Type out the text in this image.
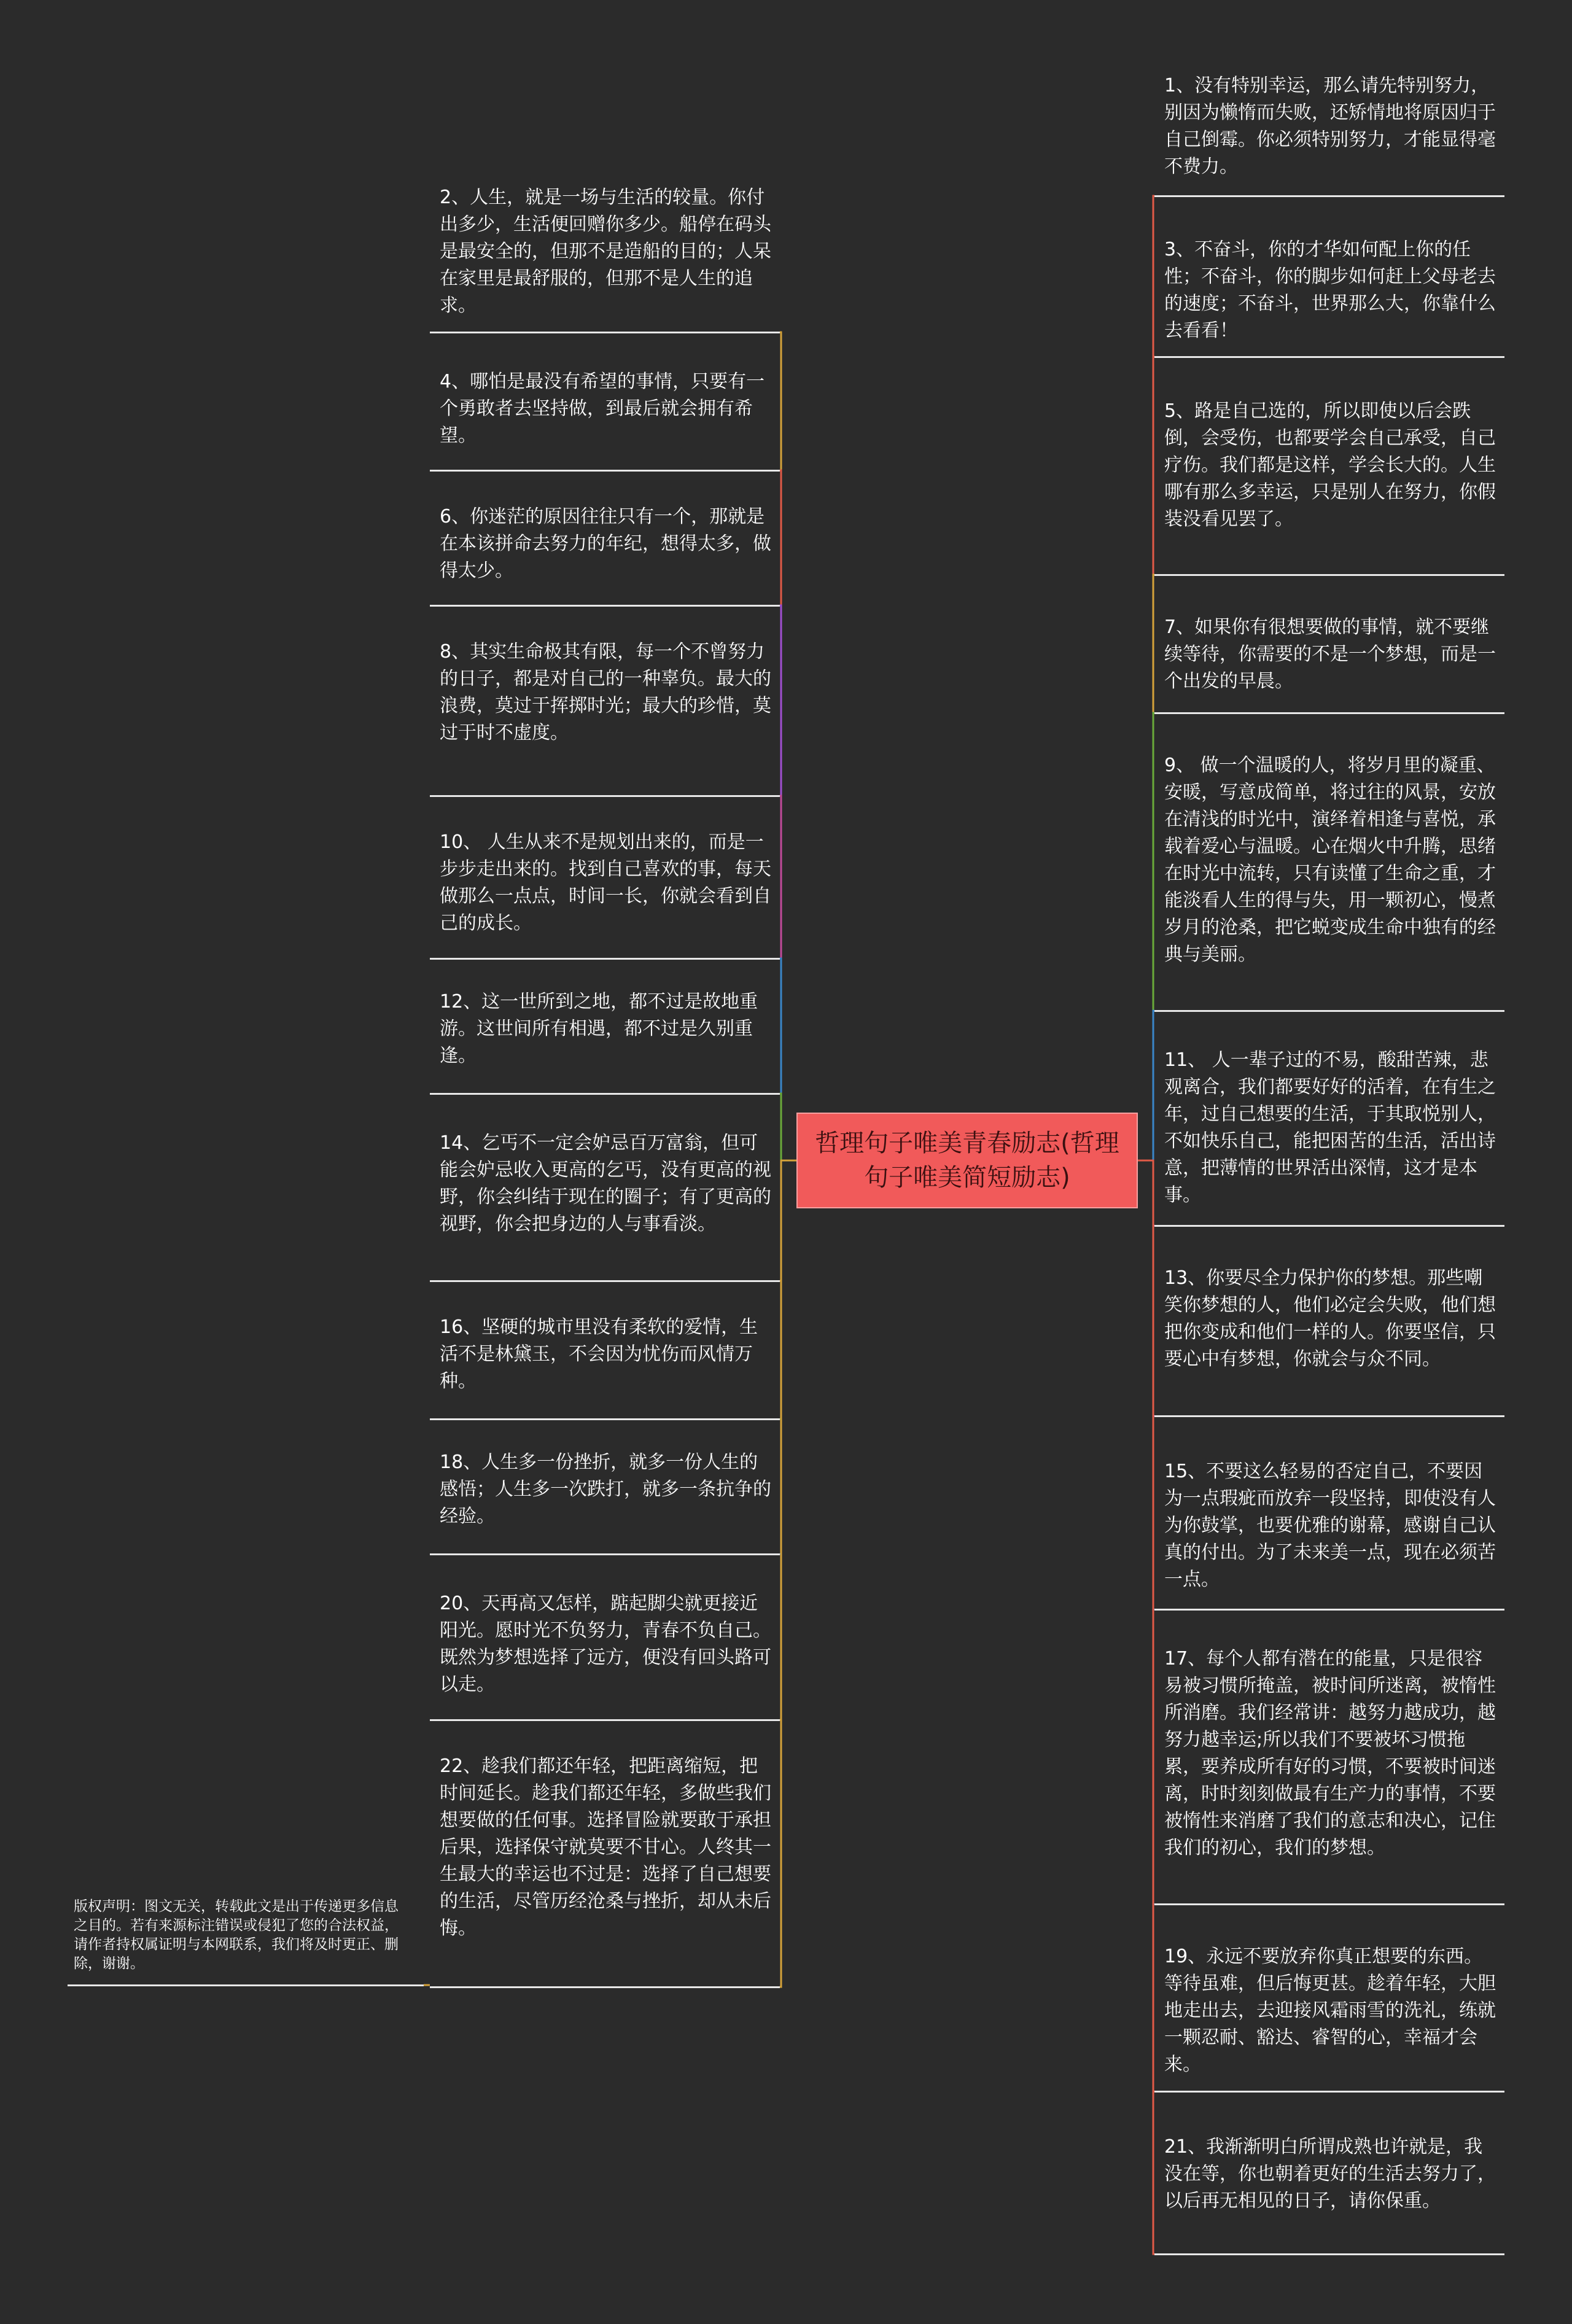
哲理句子唯美青春励志(哲理句子唯美简短励志)
2、人生，就是一场与生活的较量。你付出多少，生活便回赠你多少。船停在码头是最安全的，但那不是造船的目的；人呆在家里是最舒服的，但那不是人生的追求。
4、哪怕是最没有希望的事情，只要有一个勇敢者去坚持做，到最后就会拥有希望。
6、你迷茫的原因往往只有一个，那就是在本该拼命去努力的年纪，想得太多，做得太少。
8、其实生命极其有限，每一个不曾努力的日子，都是对自己的一种辜负。最大的浪费，莫过于挥掷时光；最大的珍惜，莫过于时不虚度。
10、 人生从来不是规划出来的，而是一步步走出来的。找到自己喜欢的事，每天做那么一点点，时间一长，你就会看到自己的成长。
12、这一世所到之地，都不过是故地重游。这世间所有相遇，都不过是久别重逢。
14、乞丐不一定会妒忌百万富翁，但可能会妒忌收入更高的乞丐，没有更高的视野，你会纠结于现在的圈子；有了更高的视野，你会把身边的人与事看淡。
16、坚硬的城市里没有柔软的爱情，生活不是林黛玉，不会因为忧伤而风情万种。
18、人生多一份挫折，就多一份人生的感悟；人生多一次跌打，就多一条抗争的经验。
20、天再高又怎样，踮起脚尖就更接近阳光。愿时光不负努力，青春不负自己。既然为梦想选择了远方，便没有回头路可以走。
22、趁我们都还年轻，把距离缩短，把时间延长。趁我们都还年轻，多做些我们想要做的任何事。选择冒险就要敢于承担后果，选择保守就莫要不甘心。人终其一生最大的幸运也不过是：选择了自己想要的生活，尽管历经沧桑与挫折，却从未后悔。
1、没有特别幸运，那么请先特别努力，别因为懒惰而失败，还矫情地将原因归于自己倒霉。你必须特别努力，才能显得毫不费力。
3、不奋斗，你的才华如何配上你的任性；不奋斗，你的脚步如何赶上父母老去的速度；不奋斗，世界那么大，你靠什么去看看！
5、路是自己选的，所以即使以后会跌倒，会受伤，也都要学会自己承受，自己疗伤。我们都是这样，学会长大的。人生哪有那么多幸运，只是别人在努力，你假装没看见罢了。
7、如果你有很想要做的事情，就不要继续等待，你需要的不是一个梦想，而是一个出发的早晨。
9、 做一个温暖的人，将岁月里的凝重、安暖，写意成简单，将过往的风景，安放在清浅的时光中，演绎着相逢与喜悦，承载着爱心与温暖。心在烟火中升腾，思绪在时光中流转，只有读懂了生命之重，才能淡看人生的得与失，用一颗初心，慢煮岁月的沧桑，把它蜕变成生命中独有的经典与美丽。
11、 人一辈子过的不易，酸甜苦辣，悲观离合，我们都要好好的活着，在有生之年，过自己想要的生活，于其取悦别人，不如快乐自己，能把困苦的生活，活出诗意，把薄情的世界活出深情，这才是本事。
13、你要尽全力保护你的梦想。那些嘲笑你梦想的人，他们必定会失败，他们想把你变成和他们一样的人。你要坚信，只要心中有梦想，你就会与众不同。
15、不要这么轻易的否定自己，不要因为一点瑕疵而放弃一段坚持，即使没有人为你鼓掌，也要优雅的谢幕，感谢自己认真的付出。为了未来美一点，现在必须苦一点。
17、每个人都有潜在的能量，只是很容易被习惯所掩盖，被时间所迷离，被惰性所消磨。我们经常讲：越努力越成功，越努力越幸运;所以我们不要被坏习惯拖累，要养成所有好的习惯，不要被时间迷离，时时刻刻做最有生产力的事情，不要被惰性来消磨了我们的意志和决心，记住我们的初心，我们的梦想。
19、永远不要放弃你真正想要的东西。等待虽难，但后悔更甚。趁着年轻，大胆地走出去，去迎接风霜雨雪的洗礼，练就一颗忍耐、豁达、睿智的心，幸福才会来。
21、我渐渐明白所谓成熟也许就是，我没在等，你也朝着更好的生活去努力了，以后再无相见的日子，请你保重。
版权声明：图文无关，转载此文是出于传递更多信息之目的。若有来源标注错误或侵犯了您的合法权益，请作者持权属证明与本网联系，我们将及时更正、删除，谢谢。
